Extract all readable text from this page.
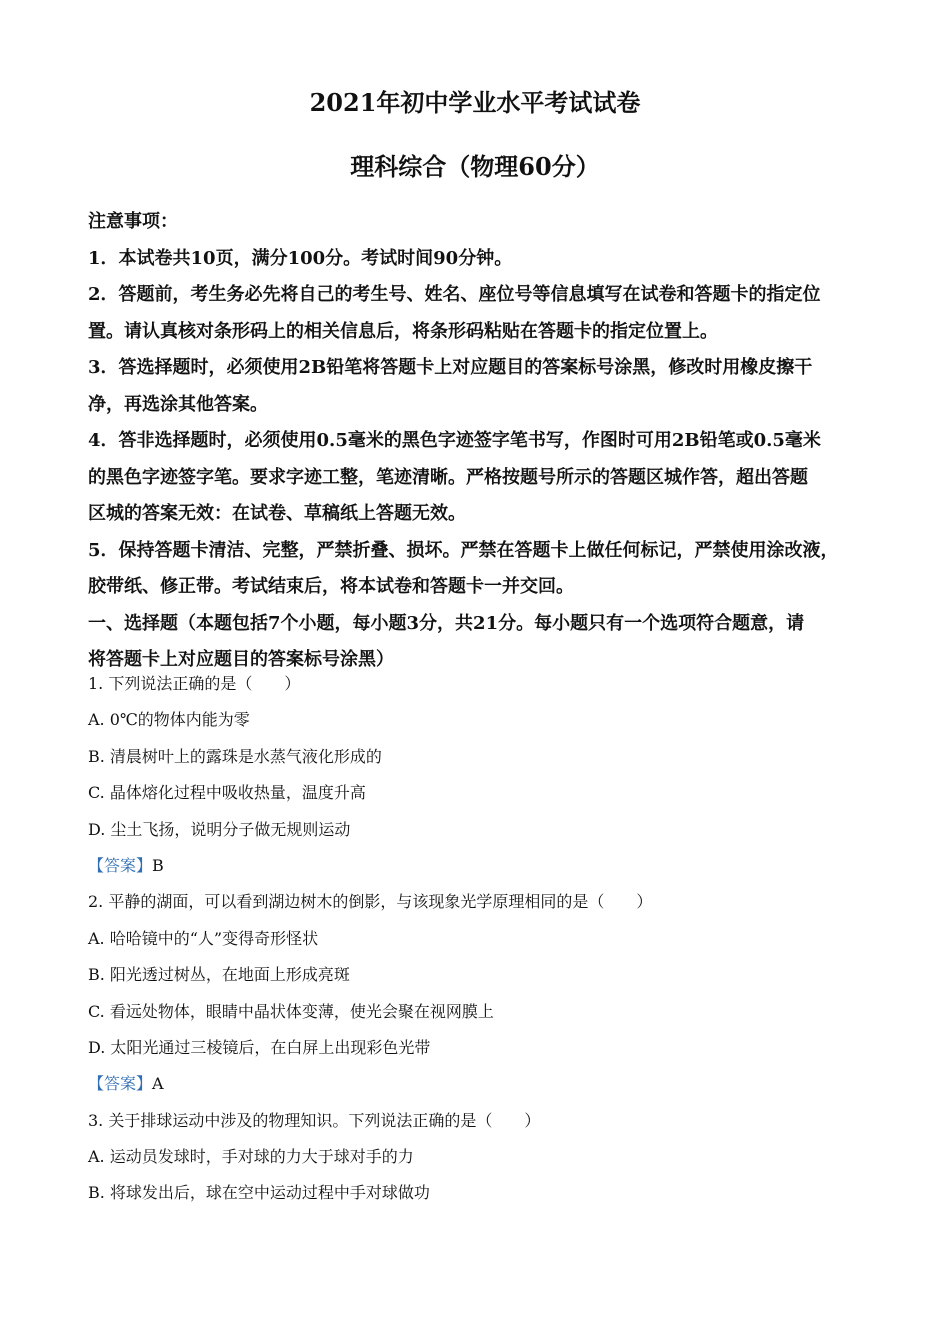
2021年初中学业水平考试试卷
理科综合（物理60分）
注意事项：
1．本试卷共10页，满分100分。考试时间90分钟。
2．答题前，考生务必先将自己的考生号、姓名、座位号等信息填写在试卷和答题卡的指定位
置。请认真核对条形码上的相关信息后，将条形码粘贴在答题卡的指定位置上。
3．答选择题时，必须使用2B铅笔将答题卡上对应题目的答案标号涂黑，修改时用橡皮擦干
净，再选涂其他答案。
4．答非选择题时，必须使用0.5毫米的黑色字迹签字笔书写，作图时可用2B铅笔或0.5毫米
的黑色字迹签字笔。要求字迹工整，笔迹清晰。严格按题号所示的答题区城作答，超出答题
区城的答案无效：在试卷、草稿纸上答题无效。
5．保持答题卡清洁、完整，严禁折叠、损坏。严禁在答题卡上做任何标记，严禁使用涂改液，
胶带纸、修正带。考试结束后，将本试卷和答题卡一并交回。
一、选择题（本题包括7个小题，每小题3分，共21分。每小题只有一个选项符合题意，请
将答题卡上对应题目的答案标号涂黑）
1. 下列说法正确的是（　　）
A. 0℃的物体内能为零
B. 清晨树叶上的露珠是水蒸气液化形成的
C. 晶体熔化过程中吸收热量，温度升高
D. 尘土飞扬，说明分子做无规则运动
【答案】B
2. 平静的湖面，可以看到湖边树木的倒影，与该现象光学原理相同的是（　　）
A. 哈哈镜中的“人”变得奇形怪状
B. 阳光透过树丛，在地面上形成亮斑
C. 看远处物体，眼睛中晶状体变薄，使光会聚在视网膜上
D. 太阳光通过三棱镜后，在白屏上出现彩色光带
【答案】A
3. 关于排球运动中涉及的物理知识。下列说法正确的是（　　）
A. 运动员发球时，手对球的力大于球对手的力
B. 将球发出后，球在空中运动过程中手对球做功
